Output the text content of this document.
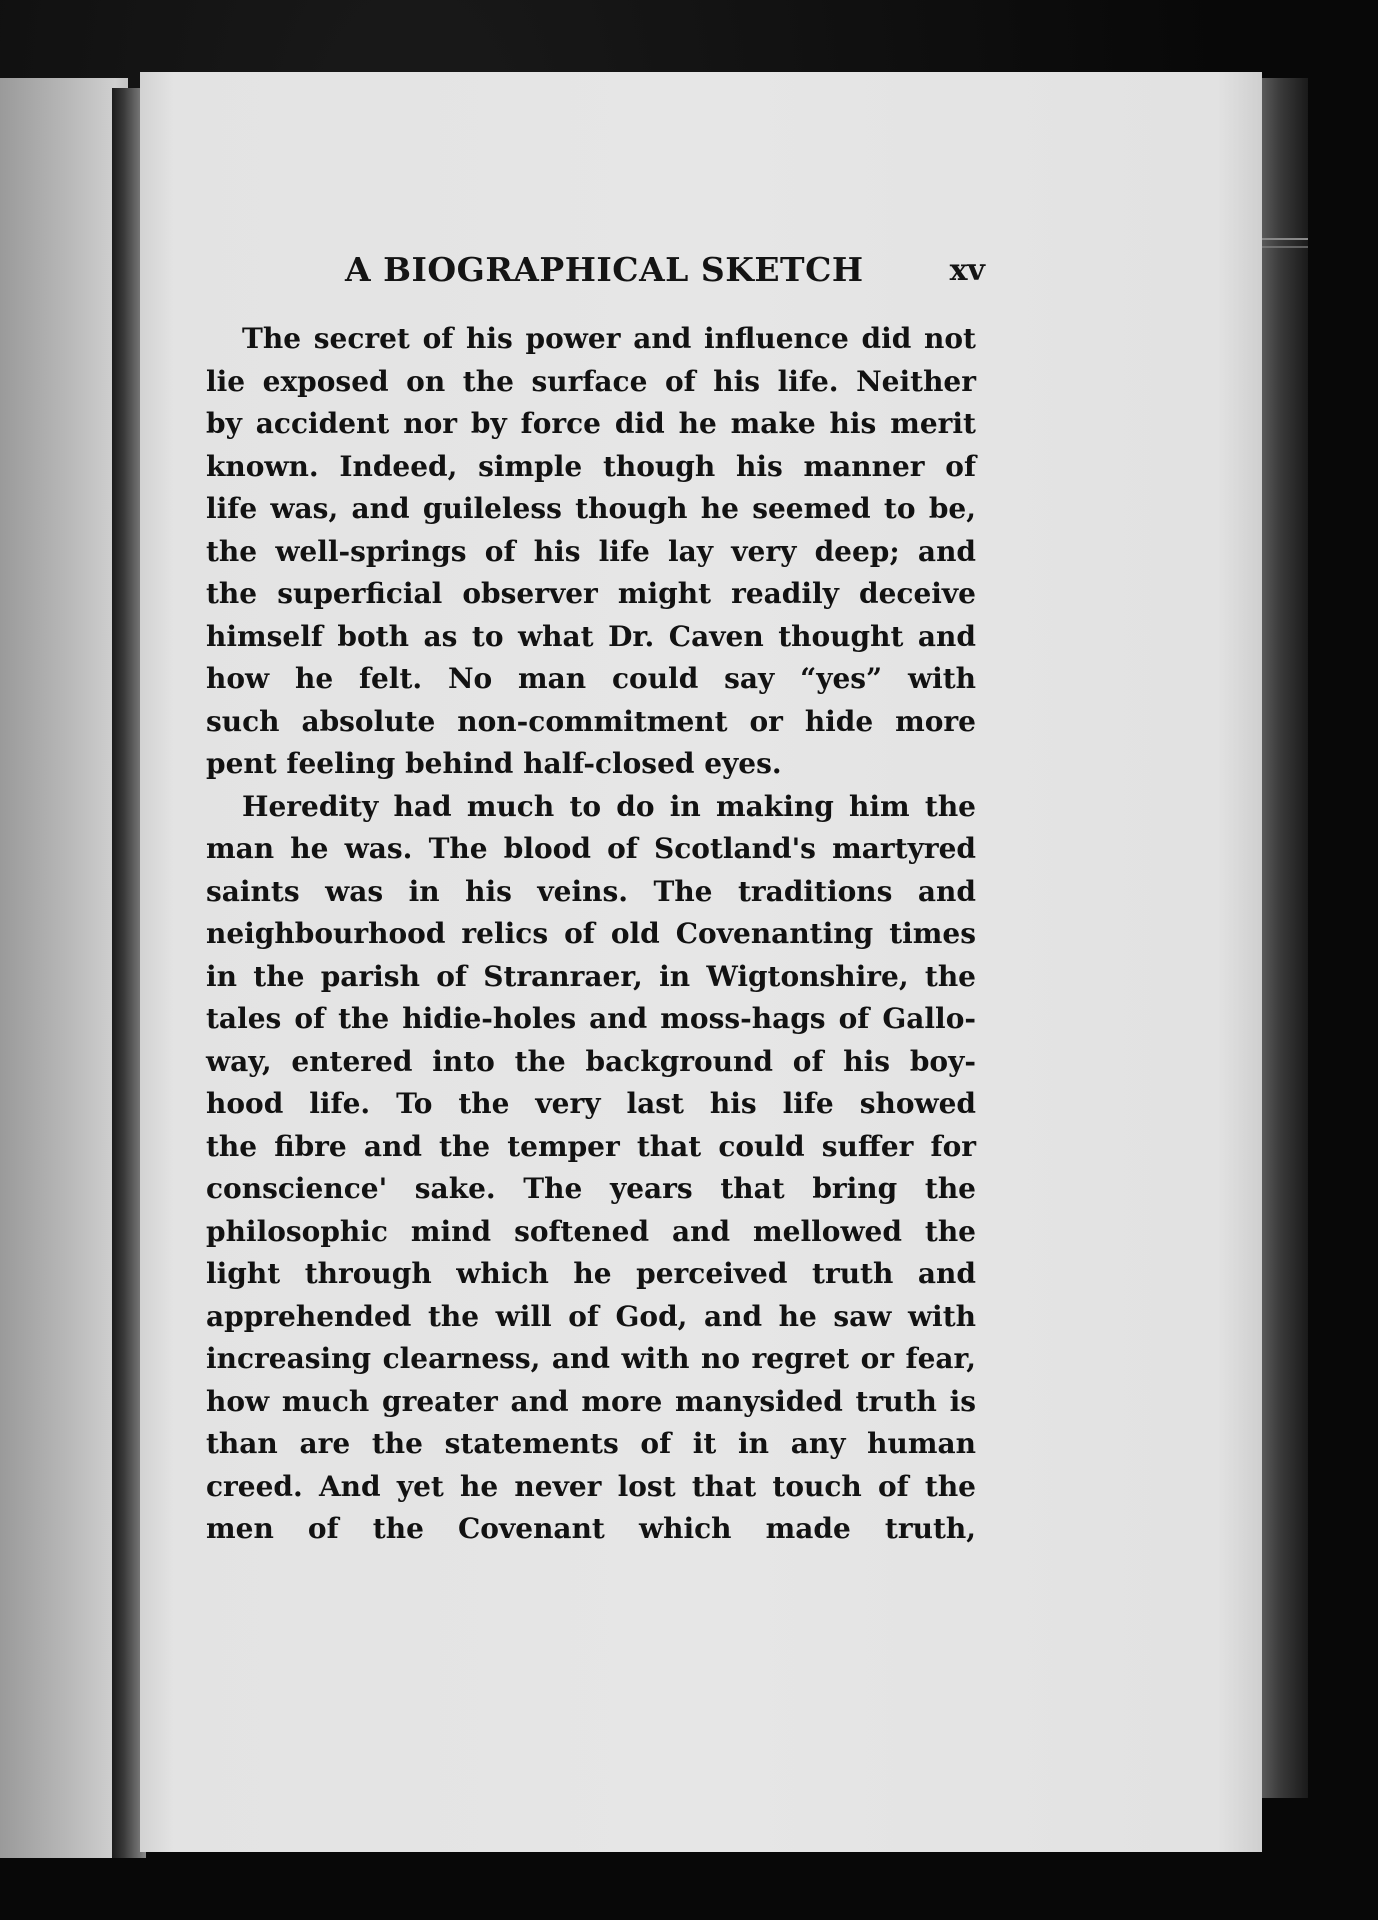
A BIOGRAPHICAL SKETCH	xv
The secret of his power and influence did not
lie exposed on the surface of his life. Neither
by accident nor by force did he make his merit
known. Indeed, simple though his manner of
life was, and guileless though he seemed to be,
the well-springs of his life lay very deep; and
the superficial observer might readily deceive
himself both as to what Dr. Caven thought and
how he felt. No man could say “yes” with
such absolute non-commitment or hide more
pent feeling behind half-closed eyes.
Heredity had much to do in making him the
man he was. The blood of Scotland's martyred
saints was in his veins. The traditions and
neighbourhood relics of old Covenanting times
in the parish of Stranraer, in Wigtonshire, the
tales of the hidie-holes and moss-hags of Gallo-
way, entered into the background of his boy-
hood life. To the very last his life showed
the fibre and the temper that could suffer for
conscience' sake. The years that bring the
philosophic mind softened and mellowed the
light through which he perceived truth and
apprehended the will of God, and he saw with
increasing clearness, and with no regret or fear,
how much greater and more manysided truth is
than are the statements of it in any human
creed. And yet he never lost that touch of the
men of the Covenant which made truth,
